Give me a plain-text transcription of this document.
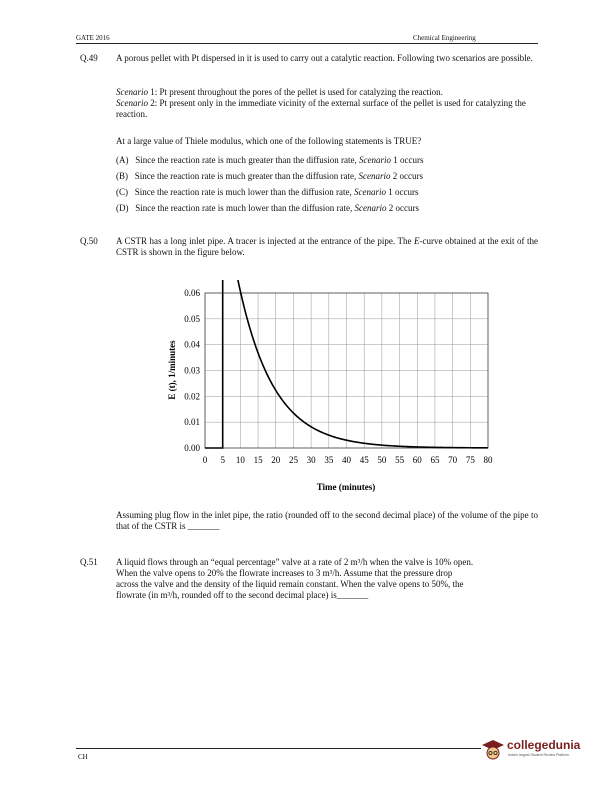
GATE 2016	Chemical Engineering
Q.49 A porous pellet with Pt dispersed in it is used to carry out a catalytic reaction. Following two scenarios are possible.
Scenario 1: Pt present throughout the pores of the pellet is used for catalyzing the reaction.
Scenario 2: Pt present only in the immediate vicinity of the external surface of the pellet is used for catalyzing the reaction.
At a large value of Thiele modulus, which one of the following statements is TRUE?
(A) Since the reaction rate is much greater than the diffusion rate, Scenario 1 occurs
(B) Since the reaction rate is much greater than the diffusion rate, Scenario 2 occurs
(C) Since the reaction rate is much lower than the diffusion rate, Scenario 1 occurs
(D) Since the reaction rate is much lower than the diffusion rate, Scenario 2 occurs
Q.50 A CSTR has a long inlet pipe. A tracer is injected at the entrance of the pipe. The E-curve obtained at the exit of the CSTR is shown in the figure below.
0.00
0.01
0.02
0.03
0.04
0.05
0.06
0 5 10 15 20 25 30 35 40 45 50 55 60 65 70 75 80
Time (minutes)
E (t), 1/minutes
Assuming plug flow in the inlet pipe, the ratio (rounded off to the second decimal place) of the volume of the pipe to that of the CSTR is _______
Q.51 A liquid flows through an “equal percentage” valve at a rate of 2 m³/h when the valve is 10% open.
When the valve opens to 20% the flowrate increases to 3 m³/h. Assume that the pressure drop
across the valve and the density of the liquid remain constant. When the valve opens to 50%, the
flowrate (in m³/h, rounded off to the second decimal place) is_______
CH
collegedunia
India's largest Student Review Platform
